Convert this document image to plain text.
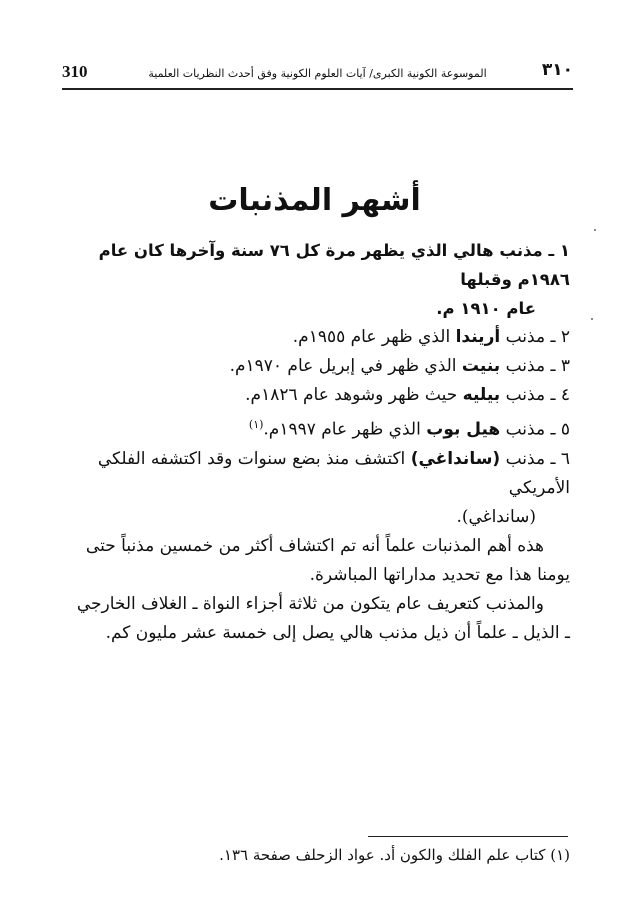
310	الموسوعة الكونية الكبرى/ آيات العلوم الكونية وفق أحدث النظريات العلمية	٣١٠
أشهر المذنبات

١ ـ مذنب هالي الذي يظهر مرة كل ٧٦ سنة وآخرها كان عام ١٩٨٦م وقبلها

عام ١٩١٠ م.

٢ ـ مذنب أريندا الذي ظهر عام ١٩٥٥م.

٣ ـ مذنب بنيت الذي ظهر في إبريل عام ١٩٧٠م.

٤ ـ مذنب بيليه حيث ظهر وشوهد عام ١٨٢٦م.

٥ ـ مذنب هيل بوب الذي ظهر عام ١٩٩٧م.$^{(١)}$

٦ ـ مذنب (سانداغي) اكتشف منذ بضع سنوات وقد اكتشفه الفلكي الأمريكي

(سانداغي).

هذه أهم المذنبات علماً أنه تم اكتشاف أكثر من خمسين مذنباً حتى

يومنا هذا مع تحديد مداراتها المباشرة.

والمذنب كتعريف عام يتكون من ثلاثة أجزاء النواة ـ الغلاف الخارجي

ـ الذيل ـ علماً أن ذيل مذنب هالي يصل إلى خمسة عشر مليون كم.

(١) كتاب علم الفلك والكون أد. عواد الزحلف صفحة ١٣٦.
